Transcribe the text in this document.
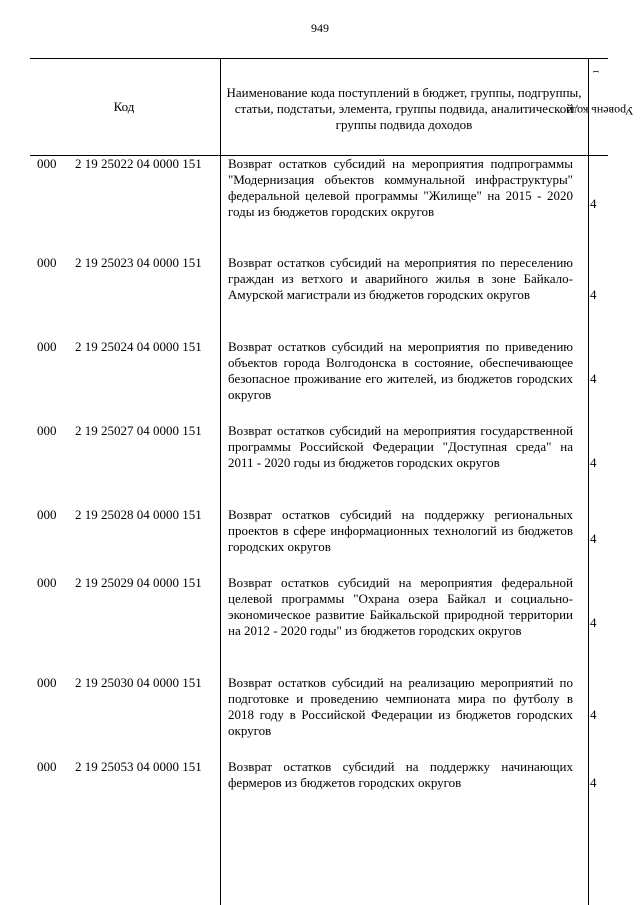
949
Код
Наименование кода поступлений в бюджет, группы, подгруппы, статьи, подстатьи, элемента, группы подвида, аналитической группы подвида доходов
Уровень кода $^1$
000 2 19 25022 04 0000 151 Возврат остатков субсидий на мероприятия подпрограммы "Модернизация объектов коммунальной инфраструктуры" федеральной целевой программы "Жилище" на 2015 - 2020 годы из бюджетов городских округов
4
000 2 19 25023 04 0000 151 Возврат остатков субсидий на мероприятия по переселению граждан из ветхого и аварийного жилья в зоне Байкало-Амурской магистрали из бюджетов городских округов	4
000 2 19 25024 04 0000 151 Возврат остатков субсидий на мероприятия по приведению объектов города Волгодонска в состояние, обеспечивающее безопасное проживание его жителей, из бюджетов городских округов
4
000 2 19 25027 04 0000 151 Возврат остатков субсидий на мероприятия государственной программы Российской Федерации "Доступная среда" на 2011 - 2020 годы из бюджетов городских округов	4
000 2 19 25028 04 0000 151 Возврат остатков субсидий на поддержку региональных проектов в сфере информационных технологий из бюджетов городских округов
4
000 2 19 25029 04 0000 151 Возврат остатков субсидий на мероприятия федеральной целевой программы "Охрана озера Байкал и социально-экономическое развитие Байкальской природной территории на 2012 - 2020 годы" из бюджетов городских округов
4
000 2 19 25030 04 0000 151 Возврат остатков субсидий на реализацию мероприятий по подготовке и проведению чемпионата мира по футболу в 2018 году в Российской Федерации из бюджетов городских округов
4
000 2 19 25053 04 0000 151 Возврат остатков субсидий на поддержку начинающих фермеров из бюджетов городских округов	4
